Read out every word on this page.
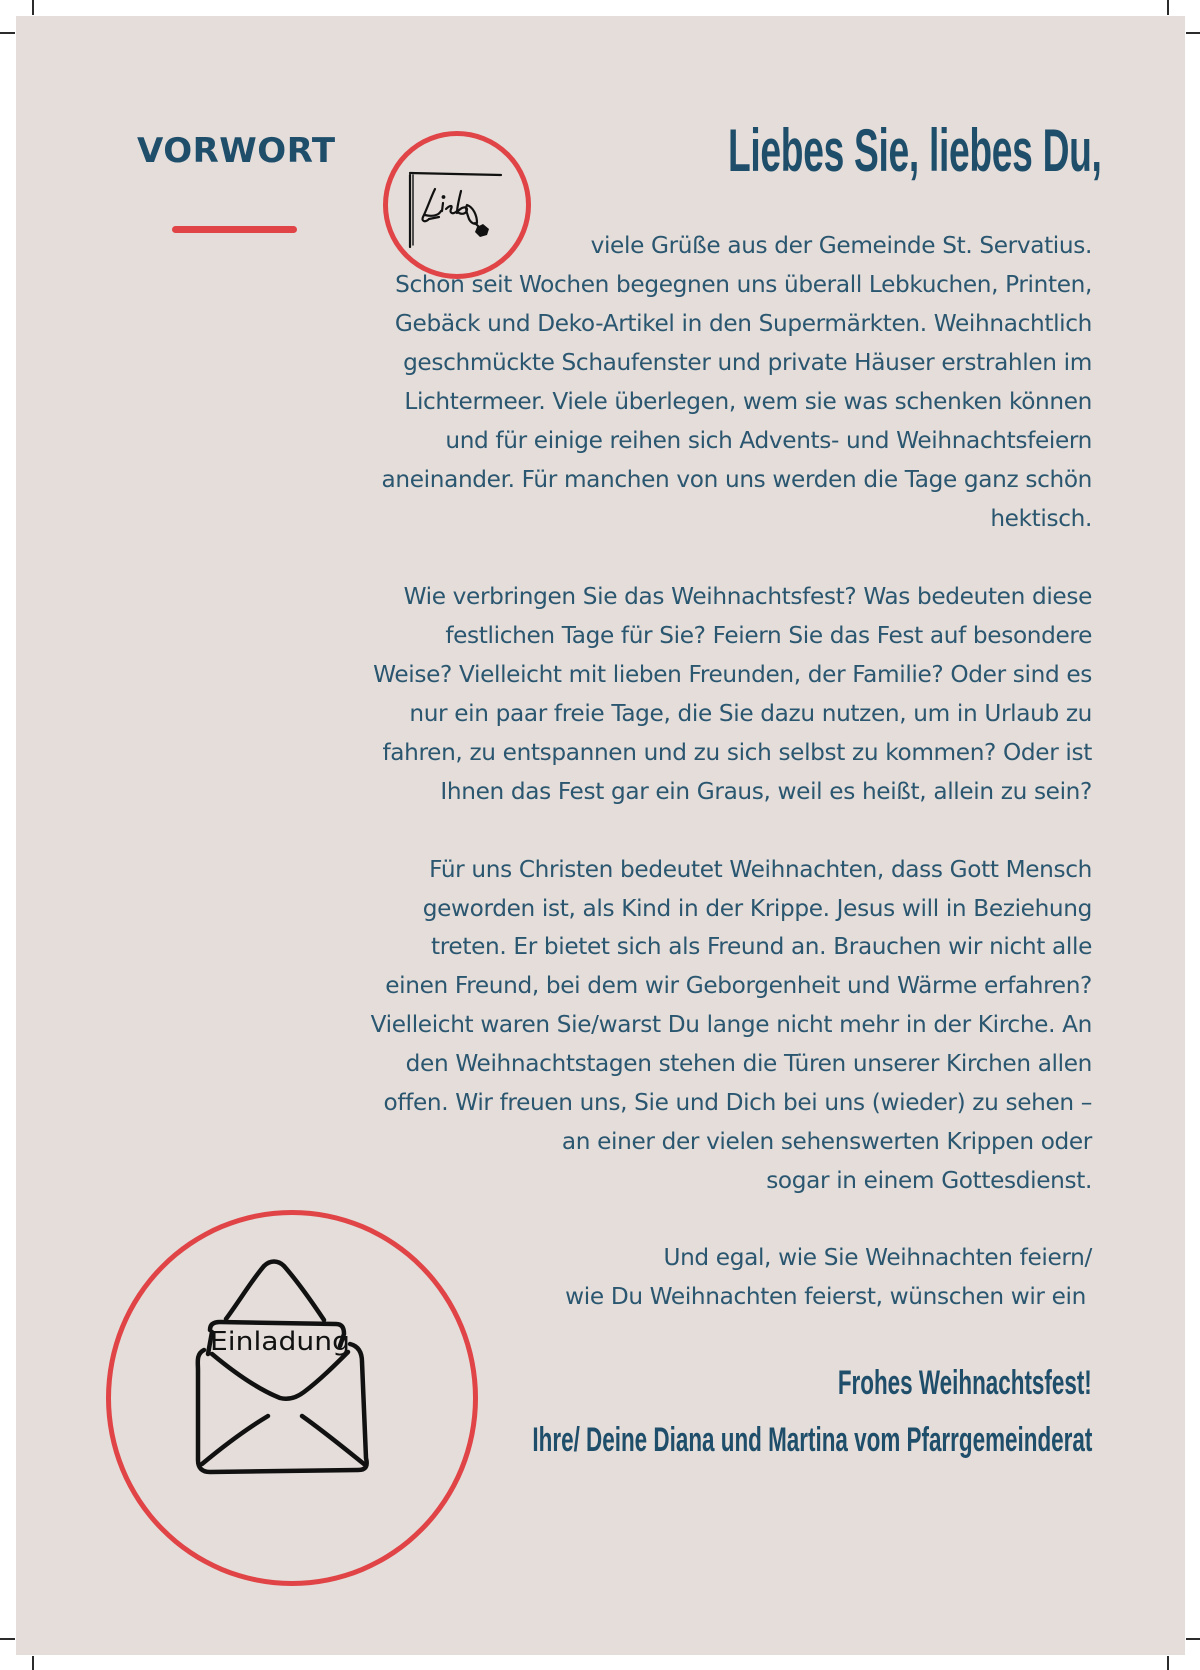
VORWORT	Liebes Sie, liebes Du,
viele Grüße aus der Gemeinde St. Servatius.
Schon seit Wochen begegnen uns überall Lebkuchen, Printen,
Gebäck und Deko-Artikel in den Supermärkten. Weihnachtlich
geschmückte Schaufenster und private Häuser erstrahlen im
Lichtermeer. Viele überlegen, wem sie was schenken können
und für einige reihen sich Advents- und Weihnachtsfeiern
aneinander. Für manchen von uns werden die Tage ganz schön
hektisch.
Wie verbringen Sie das Weihnachtsfest? Was bedeuten diese
festlichen Tage für Sie? Feiern Sie das Fest auf besondere
Weise? Vielleicht mit lieben Freunden, der Familie? Oder sind es
nur ein paar freie Tage, die Sie dazu nutzen, um in Urlaub zu
fahren, zu entspannen und zu sich selbst zu kommen? Oder ist
Ihnen das Fest gar ein Graus, weil es heißt, allein zu sein?
Für uns Christen bedeutet Weihnachten, dass Gott Mensch
geworden ist, als Kind in der Krippe. Jesus will in Beziehung
treten. Er bietet sich als Freund an. Brauchen wir nicht alle
einen Freund, bei dem wir Geborgenheit und Wärme erfahren?
Vielleicht waren Sie/warst Du lange nicht mehr in der Kirche. An
den Weihnachtstagen stehen die Türen unserer Kirchen allen
offen. Wir freuen uns, Sie und Dich bei uns (wieder) zu sehen –
an einer der vielen sehenswerten Krippen oder
sogar in einem Gottesdienst.
Und egal, wie Sie Weihnachten feiern/
wie Du Weihnachten feierst, wünschen wir ein
Frohes Weihnachtsfest!
Ihre/ Deine Diana und Martina vom Pfarrgemeinderat
Einladung
